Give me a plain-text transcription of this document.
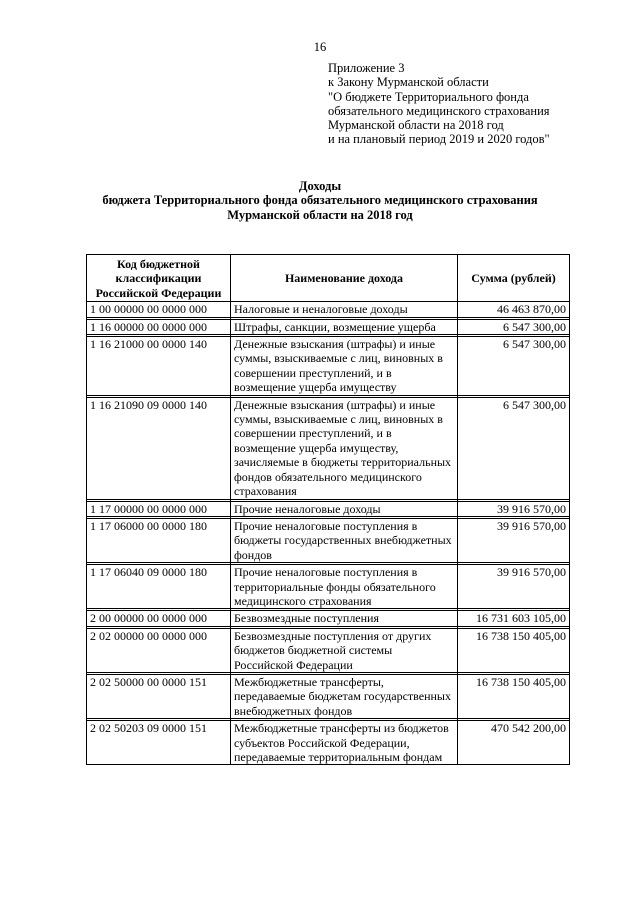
16
Приложение 3
к Закону Мурманской области
"О бюджете Территориального фонда
обязательного медицинского страхования
Мурманской области на 2018 год
и на плановый период 2019 и 2020 годов"
Доходы
бюджета Территориального фонда обязательного медицинского страхования
Мурманской области на 2018 год
Код бюджетной классификации Российской Федерации	Наименование дохода	Сумма (рублей)
1 00 00000 00 0000 000	Налоговые и неналоговые доходы	46 463 870,00

1 16 00000 00 0000 000	Штрафы, санкции, возмещение ущерба	6 547 300,00

1 16 21000 00 0000 140	Денежные взыскания (штрафы) и иные суммы, взыскиваемые с лиц, виновных в совершении преступлений, и в возмещение ущерба имуществу	6 547 300,00

1 16 21090 09 0000 140	Денежные взыскания (штрафы) и иные суммы, взыскиваемые с лиц, виновных в совершении преступлений, и в возмещение ущерба имуществу, зачисляемые в бюджеты территориальных фондов обязательного медицинского страхования	6 547 300,00

1 17 00000 00 0000 000	Прочие неналоговые доходы	39 916 570,00

1 17 06000 00 0000 180	Прочие неналоговые поступления в бюджеты государственных внебюджетных фондов	39 916 570,00

1 17 06040 09 0000 180	Прочие неналоговые поступления в территориальные фонды обязательного медицинского страхования	39 916 570,00

2 00 00000 00 0000 000	Безвозмездные поступления	16 731 603 105,00

2 02 00000 00 0000 000	Безвозмездные поступления от других бюджетов бюджетной системы Российской Федерации	16 738 150 405,00

2 02 50000 00 0000 151	Межбюджетные трансферты, передаваемые бюджетам государственных внебюджетных фондов	16 738 150 405,00

2 02 50203 09 0000 151	Межбюджетные трансферты из бюджетов субъектов Российской Федерации, передаваемые территориальным фондам	470 542 200,00
